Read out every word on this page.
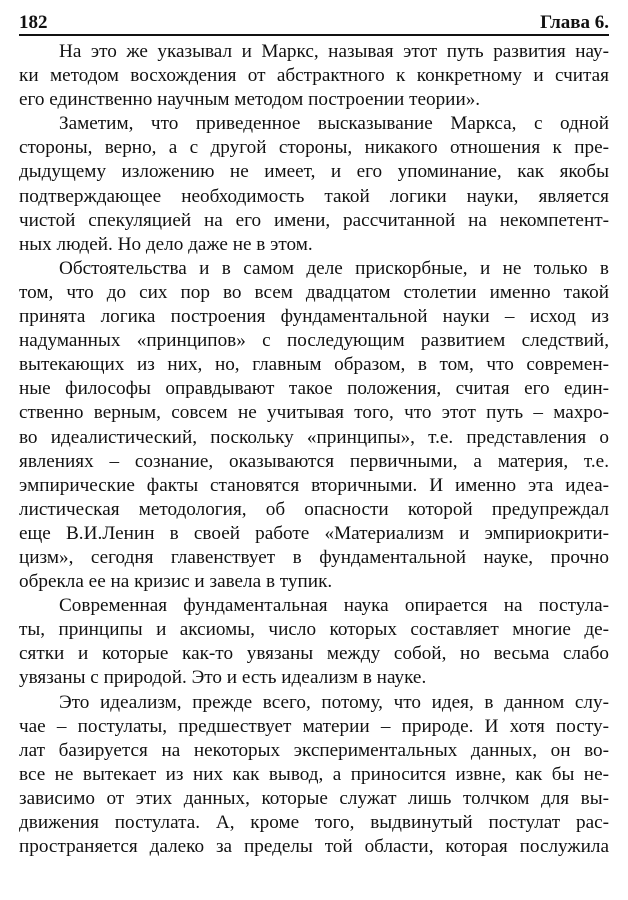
182	Глава 6.
На это же указывал и Маркс, называя этот путь развития нау-
ки методом восхождения от абстрактного к конкретному и считая
его единственно научным методом построении теории».
Заметим, что приведенное высказывание Маркса, с одной
стороны, верно, а с другой стороны, никакого отношения к пре-
дыдущему изложению не имеет, и его упоминание, как якобы
подтверждающее необходимость такой логики науки, является
чистой спекуляцией на его имени, рассчитанной на некомпетент-
ных людей. Но дело даже не в этом.
Обстоятельства и в самом деле прискорбные, и не только в
том, что до сих пор во всем двадцатом столетии именно такой
принята логика построения фундаментальной науки – исход из
надуманных «принципов» с последующим развитием следствий,
вытекающих из них, но, главным образом, в том, что современ-
ные философы оправдывают такое положения, считая его един-
ственно верным, совсем не учитывая того, что этот путь – махро-
во идеалистический, поскольку «принципы», т.е. представления о
явлениях – сознание, оказываются первичными, а материя, т.е.
эмпирические факты становятся вторичными. И именно эта идеа-
листическая методология, об опасности которой предупреждал
еще В.И.Ленин в своей работе «Материализм и эмпириокрити-
цизм», сегодня главенствует в фундаментальной науке, прочно
обрекла ее на кризис и завела в тупик.
Современная фундаментальная наука опирается на постула-
ты, принципы и аксиомы, число которых составляет многие де-
сятки и которые как-то увязаны между собой, но весьма слабо
увязаны с природой. Это и есть идеализм в науке.
Это идеализм, прежде всего, потому, что идея, в данном слу-
чае – постулаты, предшествует материи – природе. И хотя посту-
лат базируется на некоторых экспериментальных данных, он во-
все не вытекает из них как вывод, а приносится извне, как бы не-
зависимо от этих данных, которые служат лишь толчком для вы-
движения постулата. А, кроме того, выдвинутый постулат рас-
пространяется далеко за пределы той области, которая послужила
